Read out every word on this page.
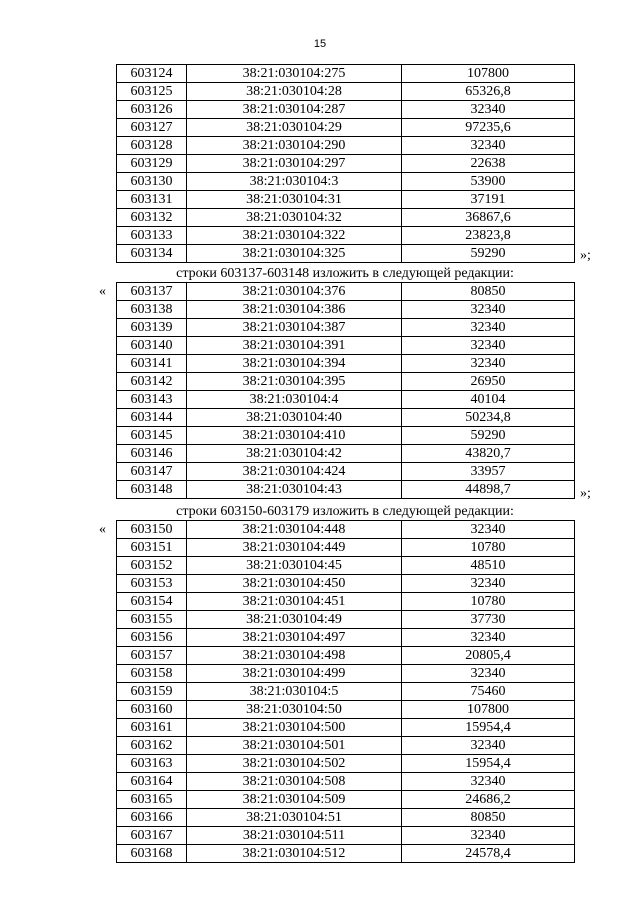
15
603124	38:21:030104:275	107800
603125	38:21:030104:28	65326,8
603126	38:21:030104:287	32340
603127	38:21:030104:29	97235,6
603128	38:21:030104:290	32340
603129	38:21:030104:297	22638
603130	38:21:030104:3	53900
603131	38:21:030104:31	37191
603132	38:21:030104:32	36867,6
603133	38:21:030104:322	23823,8
603134	38:21:030104:325	59290	»;
строки 603137-603148 изложить в следующей редакции:
« 603137	38:21:030104:376	80850
603138	38:21:030104:386	32340
603139	38:21:030104:387	32340
603140	38:21:030104:391	32340
603141	38:21:030104:394	32340
603142	38:21:030104:395	26950
603143	38:21:030104:4	40104
603144	38:21:030104:40	50234,8
603145	38:21:030104:410	59290
603146	38:21:030104:42	43820,7
603147	38:21:030104:424	33957
603148	38:21:030104:43	44898,7	»;
строки 603150-603179 изложить в следующей редакции:
« 603150	38:21:030104:448	32340
603151	38:21:030104:449	10780
603152	38:21:030104:45	48510
603153	38:21:030104:450	32340
603154	38:21:030104:451	10780
603155	38:21:030104:49	37730
603156	38:21:030104:497	32340
603157	38:21:030104:498	20805,4
603158	38:21:030104:499	32340
603159	38:21:030104:5	75460
603160	38:21:030104:50	107800
603161	38:21:030104:500	15954,4
603162	38:21:030104:501	32340
603163	38:21:030104:502	15954,4
603164	38:21:030104:508	32340
603165	38:21:030104:509	24686,2
603166	38:21:030104:51	80850
603167	38:21:030104:511	32340
603168	38:21:030104:512	24578,4
